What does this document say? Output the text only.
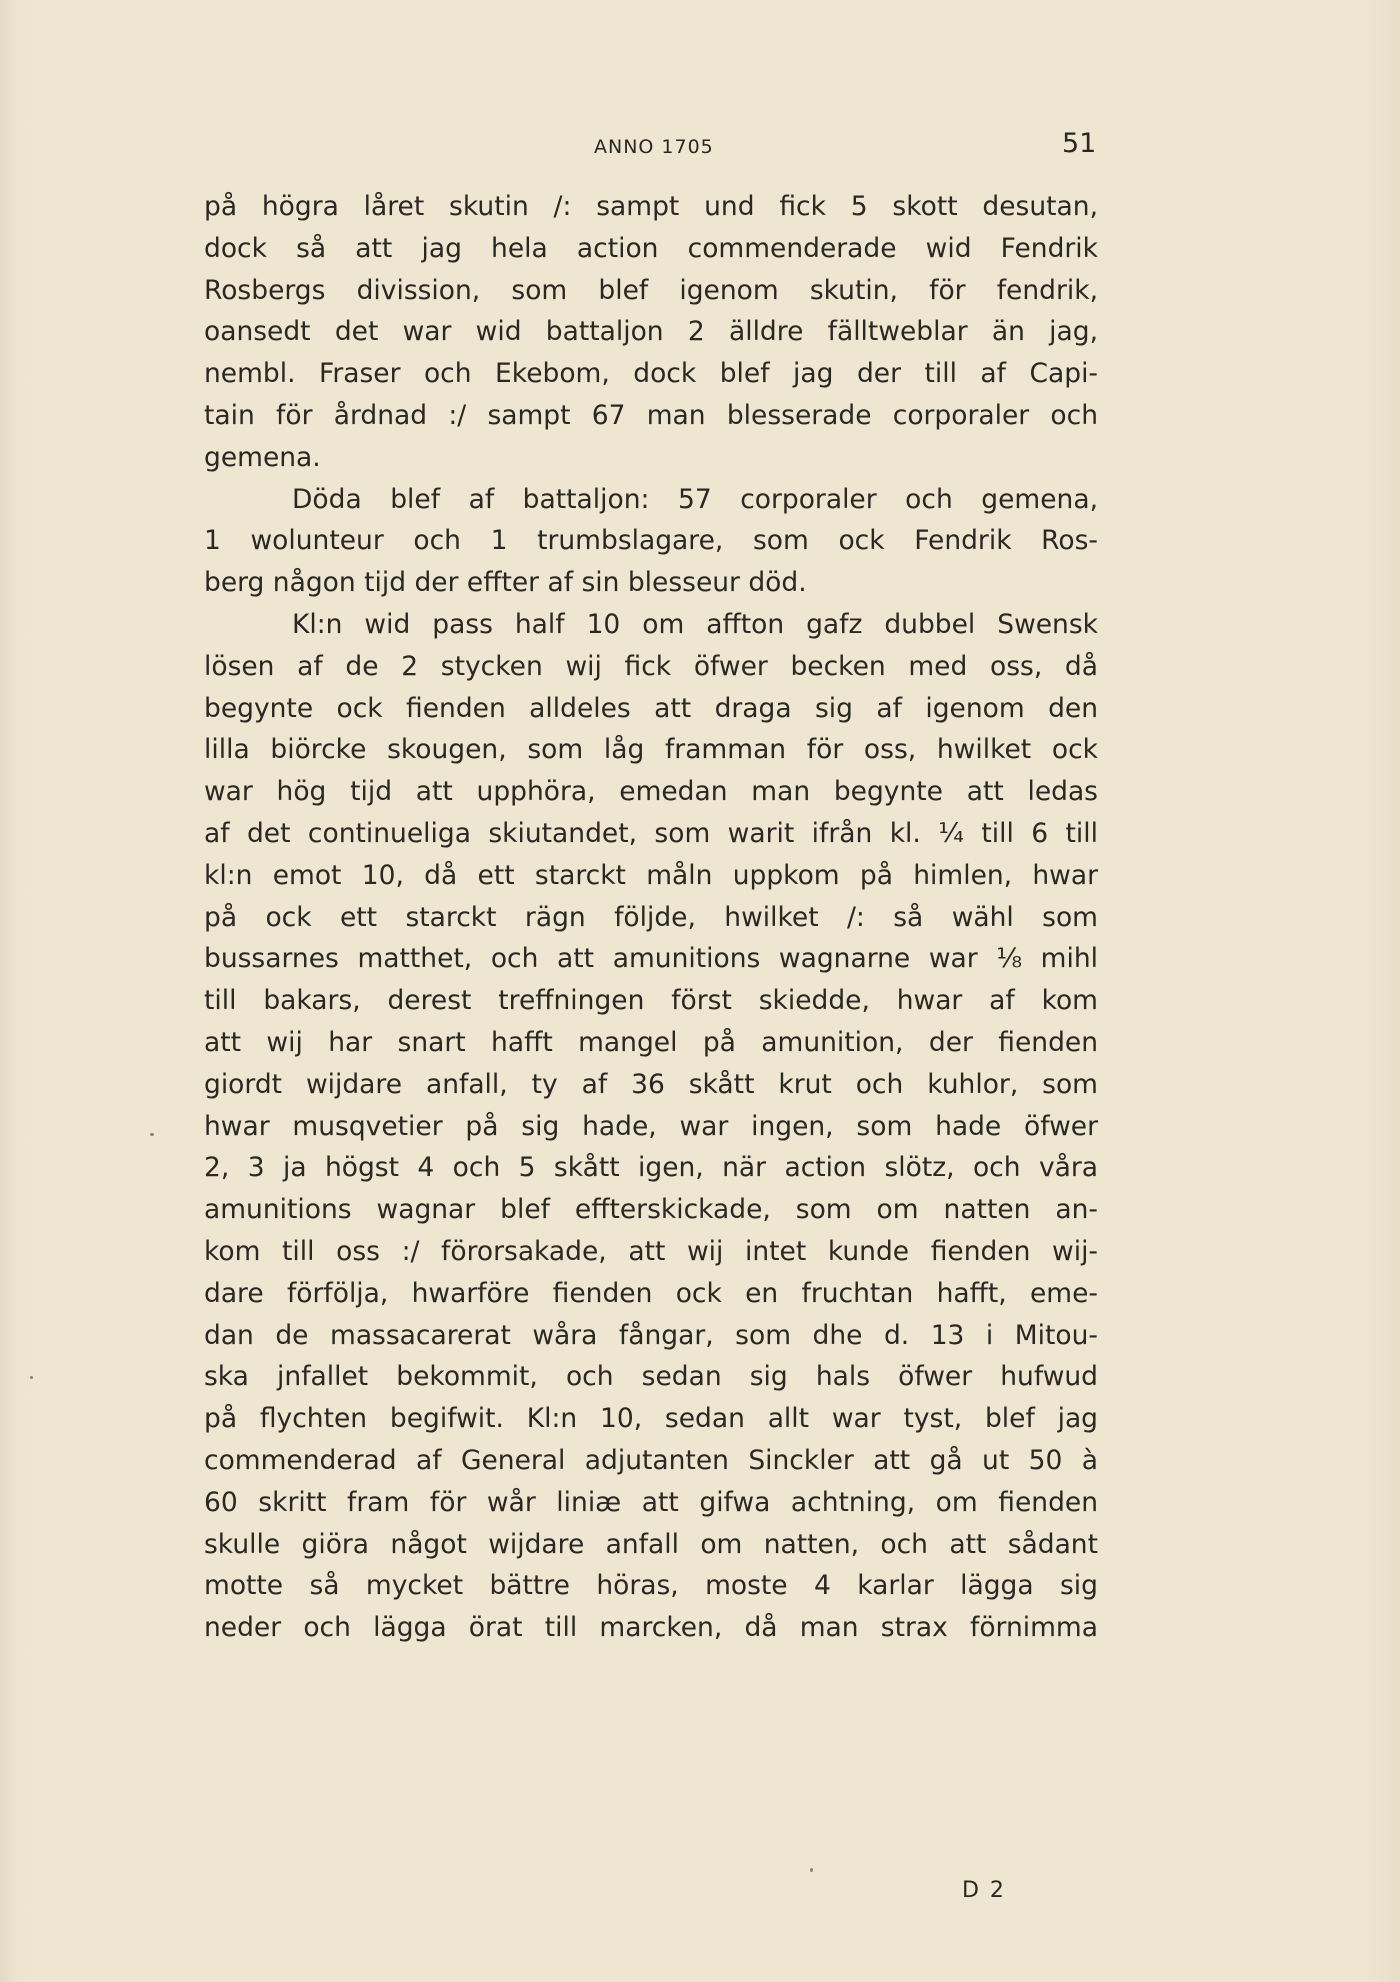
ANNO 1705	51
på högra låret skutin /: sampt und fick 5 skott desutan,
dock så att jag hela action commenderade wid Fendrik
Rosbergs divission, som blef igenom skutin, för fendrik,
oansedt det war wid battaljon 2 älldre fälltweblar än jag,
nembl. Fraser och Ekebom, dock blef jag der till af Capi-
tain för årdnad :/ sampt 67 man blesserade corporaler och
gemena.
Döda blef af battaljon: 57 corporaler och gemena,
1 wolunteur och 1 trumbslagare, som ock Fendrik Ros-
berg någon tijd der effter af sin blesseur död.
Kl:n wid pass half 10 om affton gafz dubbel Swensk
lösen af de 2 stycken wij fick öfwer becken med oss, då
begynte ock fienden alldeles att draga sig af igenom den
lilla biörcke skougen, som låg framman för oss, hwilket ock
war hög tijd att upphöra, emedan man begynte att ledas
af det continueliga skiutandet, som warit ifrån kl. ¼ till 6 till
kl:n emot 10, då ett starckt måln uppkom på himlen, hwar
på ock ett starckt rägn följde, hwilket /: så wähl som
bussarnes matthet, och att amunitions wagnarne war ⅛ mihl
till bakars, derest treffningen först skiedde, hwar af kom
att wij har snart hafft mangel på amunition, der fienden
giordt wijdare anfall, ty af 36 skått krut och kuhlor, som
hwar musqvetier på sig hade, war ingen, som hade öfwer
2, 3 ja högst 4 och 5 skått igen, när action slötz, och våra
amunitions wagnar blef effterskickade, som om natten an-
kom till oss :/ förorsakade, att wij intet kunde fienden wij-
dare förfölja, hwarföre fienden ock en fruchtan hafft, eme-
dan de massacarerat wåra fångar, som dhe d. 13 i Mitou-
ska jnfallet bekommit, och sedan sig hals öfwer hufwud
på flychten begifwit. Kl:n 10, sedan allt war tyst, blef jag
commenderad af General adjutanten Sinckler att gå ut 50 à
60 skritt fram för wår liniæ att gifwa achtning, om fienden
skulle giöra något wijdare anfall om natten, och att sådant
motte så mycket bättre höras, moste 4 karlar lägga sig
neder och lägga örat till marcken, då man strax förnimma
D 2
